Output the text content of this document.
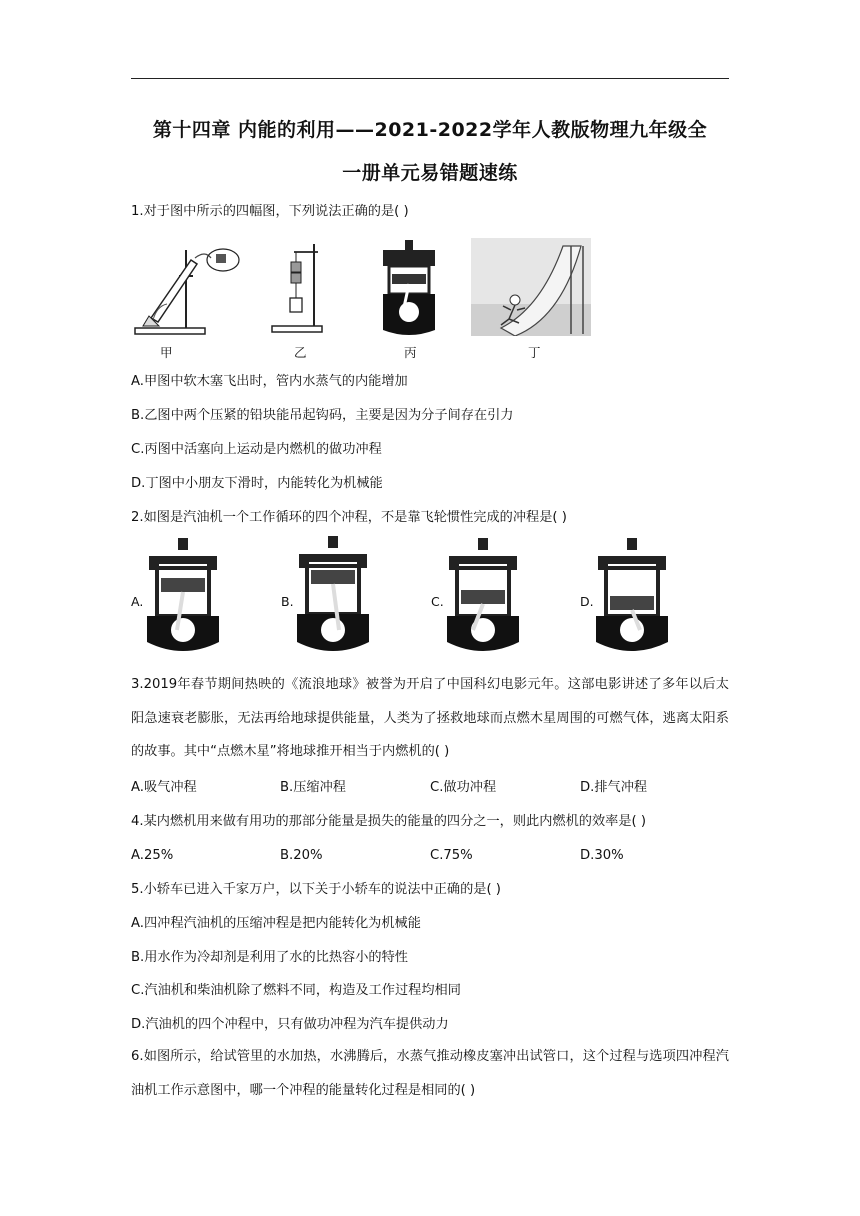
第十四章 内能的利用——2021-2022学年人教版物理九年级全
一册单元易错题速练
1.对于图中所示的四幅图，下列说法正确的是( )
甲	乙	丙	丁
A.甲图中软木塞飞出时，管内水蒸气的内能增加
B.乙图中两个压紧的铅块能吊起钩码，主要是因为分子间存在引力
C.丙图中活塞向上运动是内燃机的做功冲程
D.丁图中小朋友下滑时，内能转化为机械能
2.如图是汽油机一个工作循环的四个冲程，不是靠飞轮惯性完成的冲程是( )
A.	B.	C.	D.
3.2019年春节期间热映的《流浪地球》被誉为开启了中国科幻电影元年。这部电影讲述了多年以后太阳急速衰老膨胀，无法再给地球提供能量，人类为了拯救地球而点燃木星周围的可燃气体，逃离太阳系的故事。其中“点燃木星”将地球推开相当于内燃机的( )
A.吸气冲程	B.压缩冲程	C.做功冲程	D.排气冲程
4.某内燃机用来做有用功的那部分能量是损失的能量的四分之一，则此内燃机的效率是( )
A.25%	B.20%	C.75%	D.30%
5.小轿车已进入千家万户，以下关于小轿车的说法中正确的是( )
A.四冲程汽油机的压缩冲程是把内能转化为机械能
B.用水作为冷却剂是利用了水的比热容小的特性
C.汽油机和柴油机除了燃料不同，构造及工作过程均相同
D.汽油机的四个冲程中，只有做功冲程为汽车提供动力
6.如图所示，给试管里的水加热，水沸腾后，水蒸气推动橡皮塞冲出试管口，这个过程与选项四冲程汽油机工作示意图中，哪一个冲程的能量转化过程是相同的( )
